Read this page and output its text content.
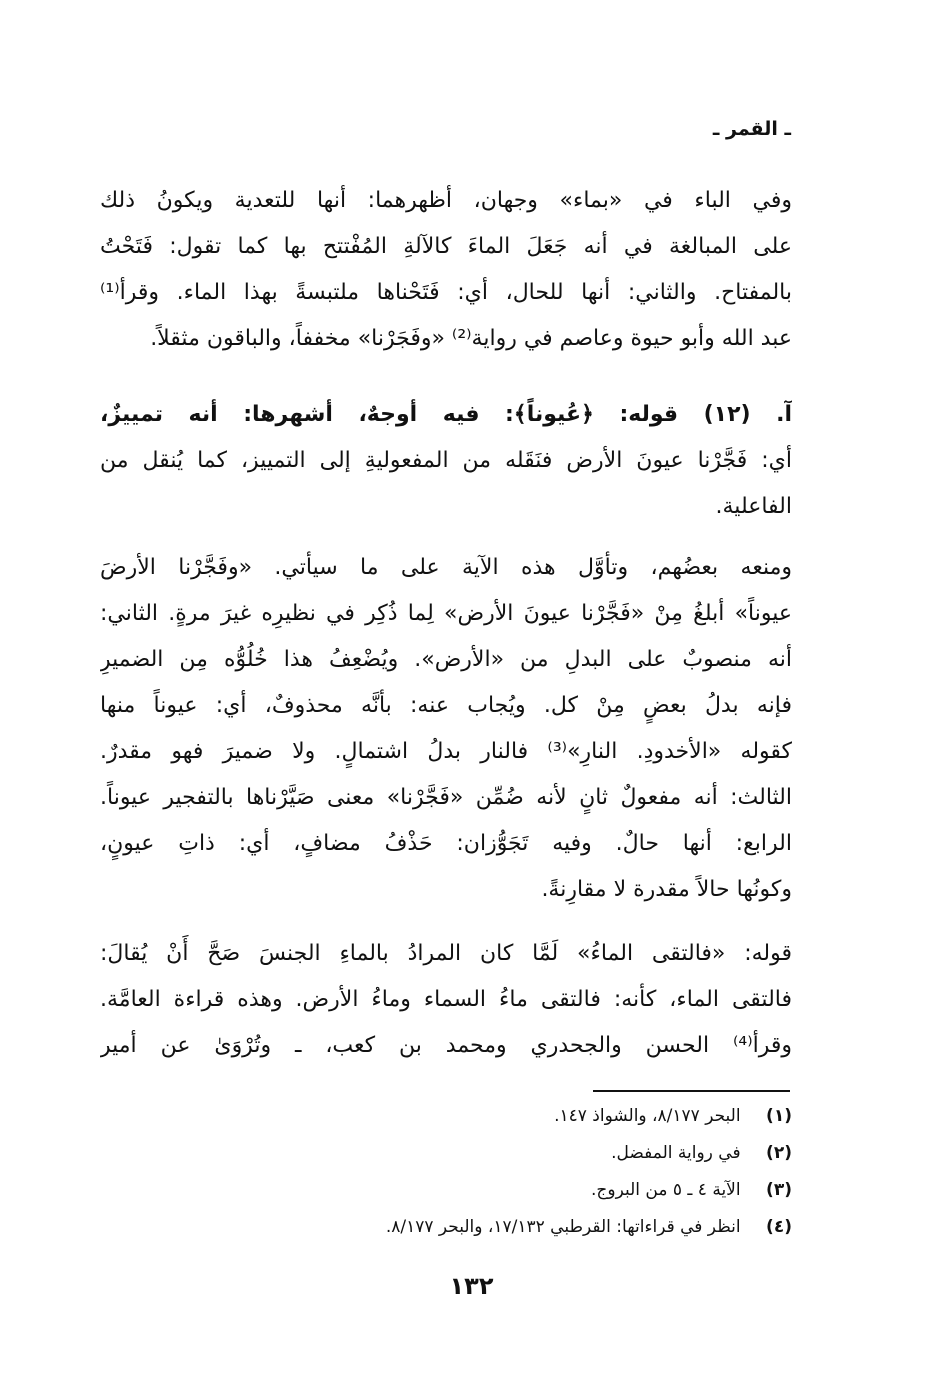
ـ القمر ـ
وفي الباء في «بماء» وجهان، أظهرهما: أنها للتعدية ويكونُ ذلك
على المبالغة في أنه جَعَلَ الماءَ كالآلةِ المُفْتتح بها كما تقول: فَتَحْتُ
بالمفتاح. والثاني: أنها للحال، أي: فَتَحْناها ملتبسةً بهذا الماء. وقرأ⁽¹⁾
عبد الله وأبو حيوة وعاصم في رواية⁽²⁾ «وفَجَرْنا» مخففاً، والباقون مثقلاً.
آ. (١٢) قوله: ﴿عُيوناً﴾: فيه أوجهٌ، أشهرها: أنه تمييزٌ،
أي: فَجَّرْنا عيونَ الأرض فنَقَله من المفعوليةِ إلى التمييز، كما يُنقل من
الفاعلية.
ومنعه بعضُهم، وتأوَّل هذه الآية على ما سيأتي. «وفَجَّرْنا الأرضَ
عيوناً» أبلغُ مِنْ «فَجَّرْنا عيونَ الأرض» لِما ذُكِر في نظيرِه غيرَ مرةٍ. الثاني:
أنه منصوبٌ على البدلِ من «الأرض». ويُضْعِفُ هذا خُلُوُّه مِن الضميرِ
فإنه بدلُ بعضٍ مِنْ كل. ويُجاب عنه: بأنَّه محذوفٌ، أي: عيوناً منها
كقوله «الأخدودِ. النارِ»⁽³⁾ فالنار بدلُ اشتمالٍ. ولا ضميرَ فهو مقدرٌ.
الثالث: أنه مفعولٌ ثانٍ لأنه ضُمِّن «فَجَّرْنا» معنى صَيَّرْناها بالتفجير عيوناً.
الرابع: أنها حالٌ. وفيه تَجَوُّزان: حَذْفُ مضافٍ، أي: ذاتِ عيونٍ،
وكونُها حالاً مقدرة لا مقارِنةً.
قوله: «فالتقى الماءُ» لَمَّا كان المرادُ بالماءِ الجنسَ صَحَّ أَنْ يُقالَ:
فالتقى الماء، كأنه: فالتقى ماءُ السماء وماءُ الأرض. وهذه قراءة العامَّة.
وقرأ⁽⁴⁾ الحسن والجحدري ومحمد بن كعب، ـ وتُرْوَىٰ عن أمير
(١) البحر ٨/١٧٧، والشواذ ١٤٧.
(٢) في رواية المفضل.
(٣) الآية ٤ ـ ٥ من البروج.
(٤) انظر في قراءاتها: القرطبي ١٧/١٣٢، والبحر ٨/١٧٧.
١٣٢
